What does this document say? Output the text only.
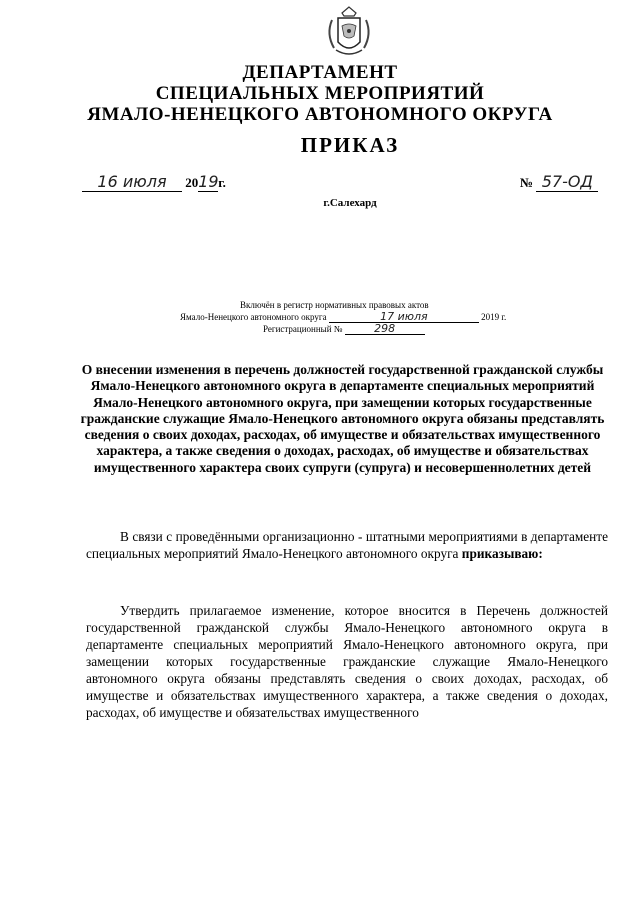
ДЕПАРТАМЕНТ
СПЕЦИАЛЬНЫХ МЕРОПРИЯТИЙ
ЯМАЛО-НЕНЕЦКОГО АВТОНОМНОГО ОКРУГА
ПРИКАЗ
16 июля 2019г.	№ 57-ОД
г.Салехард
Включён в регистр нормативных правовых актов
Ямало-Ненецкого автономного округа	17 июля	2019 г.
Регистрационный №	298
О внесении изменения в перечень должностей государственной гражданской службы Ямало-Ненецкого автономного округа в департаменте специальных мероприятий Ямало-Ненецкого автономного округа, при замещении которых государственные гражданские служащие Ямало-Ненецкого автономного округа обязаны представлять сведения о своих доходах, расходах, об имуществе и обязательствах имущественного характера, а также сведения о доходах, расходах, об имуществе и обязательствах имущественного характера своих супруги (супруга) и несовершеннолетних детей
В связи с проведёнными организационно - штатными мероприятиями в департаменте специальных мероприятий Ямало-Ненецкого автономного округа приказываю:
Утвердить прилагаемое изменение, которое вносится в Перечень должностей государственной гражданской службы Ямало-Ненецкого автономного округа в департаменте специальных мероприятий Ямало-Ненецкого автономного округа, при замещении которых государственные гражданские служащие Ямало-Ненецкого автономного округа обязаны представлять сведения о своих доходах, расходах, об имуществе и обязательствах имущественного характера, а также сведения о доходах, расходах, об имуществе и обязательствах имущественного
